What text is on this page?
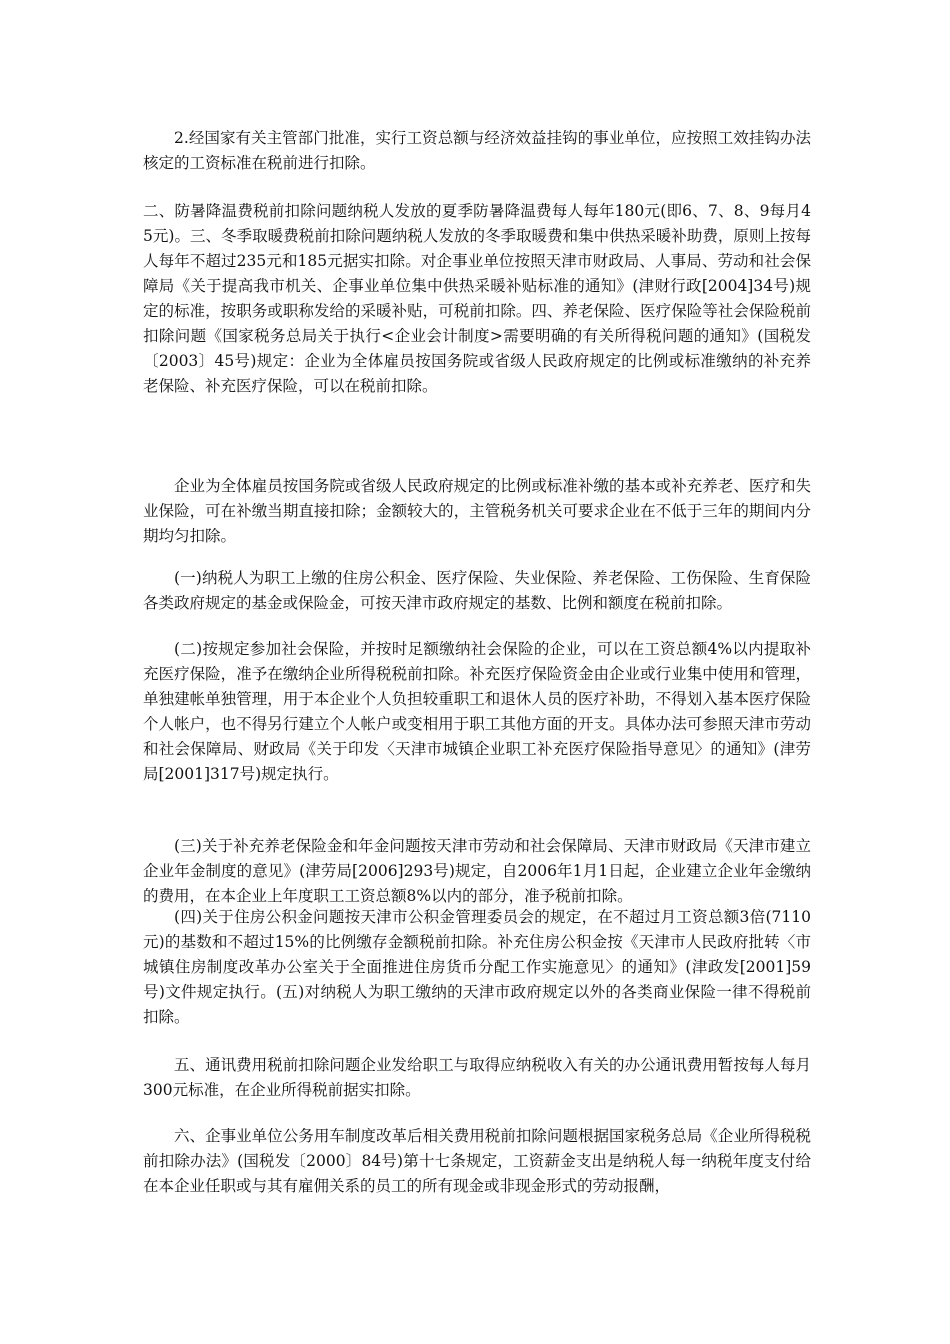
2.经国家有关主管部门批准，实行工资总额与经济效益挂钩的事业单位，应按照工效挂钩办法核定的工资标准在税前进行扣除。

二、防暑降温费税前扣除问题纳税人发放的夏季防暑降温费每人每年180元(即6、7、8、9每月45元)。三、冬季取暖费税前扣除问题纳税人发放的冬季取暖费和集中供热采暖补助费，原则上按每人每年不超过235元和185元据实扣除。对企事业单位按照天津市财政局、人事局、劳动和社会保障局《关于提高我市机关、企事业单位集中供热采暖补贴标准的通知》(津财行政[2004]34号)规定的标准，按职务或职称发给的采暖补贴，可税前扣除。四、养老保险、医疗保险等社会保险税前扣除问题《国家税务总局关于执行<企业会计制度>需要明确的有关所得税问题的通知》(国税发〔2003〕45号)规定：企业为全体雇员按国务院或省级人民政府规定的比例或标准缴纳的补充养老保险、补充医疗保险，可以在税前扣除。

企业为全体雇员按国务院或省级人民政府规定的比例或标准补缴的基本或补充养老、医疗和失业保险，可在补缴当期直接扣除；金额较大的，主管税务机关可要求企业在不低于三年的期间内分期均匀扣除。

(一)纳税人为职工上缴的住房公积金、医疗保险、失业保险、养老保险、工伤保险、生育保险各类政府规定的基金或保险金，可按天津市政府规定的基数、比例和额度在税前扣除。

(二)按规定参加社会保险，并按时足额缴纳社会保险的企业，可以在工资总额4%以内提取补充医疗保险，准予在缴纳企业所得税税前扣除。补充医疗保险资金由企业或行业集中使用和管理，单独建帐单独管理，用于本企业个人负担较重职工和退休人员的医疗补助，不得划入基本医疗保险个人帐户，也不得另行建立个人帐户或变相用于职工其他方面的开支。具体办法可参照天津市劳动和社会保障局、财政局《关于印发〈天津市城镇企业职工补充医疗保险指导意见〉的通知》(津劳局[2001]317号)规定执行。

(三)关于补充养老保险金和年金问题按天津市劳动和社会保障局、天津市财政局《天津市建立企业年金制度的意见》(津劳局[2006]293号)规定，自2006年1月1日起，企业建立企业年金缴纳的费用，在本企业上年度职工工资总额8%以内的部分，准予税前扣除。

(四)关于住房公积金问题按天津市公积金管理委员会的规定，在不超过月工资总额3倍(7110元)的基数和不超过15%的比例缴存金额税前扣除。补充住房公积金按《天津市人民政府批转〈市城镇住房制度改革办公室关于全面推进住房货币分配工作实施意见〉的通知》(津政发[2001]59号)文件规定执行。(五)对纳税人为职工缴纳的天津市政府规定以外的各类商业保险一律不得税前扣除。

五、通讯费用税前扣除问题企业发给职工与取得应纳税收入有关的办公通讯费用暂按每人每月300元标准，在企业所得税前据实扣除。

六、企事业单位公务用车制度改革后相关费用税前扣除问题根据国家税务总局《企业所得税税前扣除办法》(国税发〔2000〕84号)第十七条规定，工资薪金支出是纳税人每一纳税年度支付给在本企业任职或与其有雇佣关系的员工的所有现金或非现金形式的劳动报酬，
